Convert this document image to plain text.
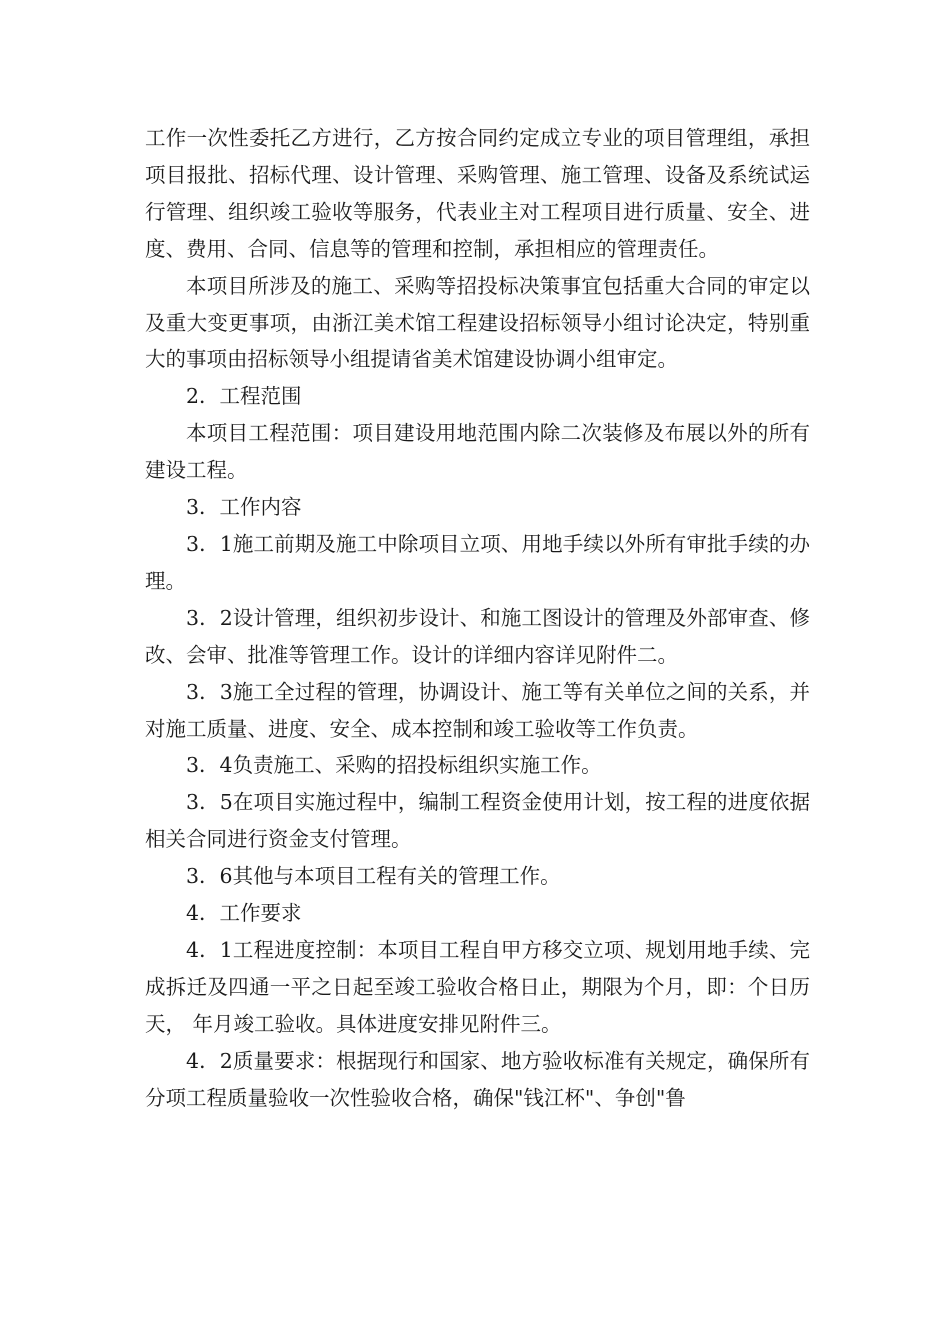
工作一次性委托乙方进行，乙方按合同约定成立专业的项目管理组，承担项目报批、招标代理、设计管理、采购管理、施工管理、设备及系统试运行管理、组织竣工验收等服务，代表业主对工程项目进行质量、安全、进度、费用、合同、信息等的管理和控制，承担相应的管理责任。

本项目所涉及的施工、采购等招投标决策事宜包括重大合同的审定以及重大变更事项，由浙江美术馆工程建设招标领导小组讨论决定，特别重大的事项由招标领导小组提请省美术馆建设协调小组审定。

2．工程范围

本项目工程范围：项目建设用地范围内除二次装修及布展以外的所有建设工程。

3．工作内容

3．1施工前期及施工中除项目立项、用地手续以外所有审批手续的办理。

3．2设计管理，组织初步设计、和施工图设计的管理及外部审查、修改、会审、批准等管理工作。设计的详细内容详见附件二。

3．3施工全过程的管理，协调设计、施工等有关单位之间的关系，并对施工质量、进度、安全、成本控制和竣工验收等工作负责。

3．4负责施工、采购的招投标组织实施工作。

3．5在项目实施过程中，编制工程资金使用计划，按工程的进度依据相关合同进行资金支付管理。

3．6其他与本项目工程有关的管理工作。

4．工作要求

4．1工程进度控制：本项目工程自甲方移交立项、规划用地手续、完成拆迁及四通一平之日起至竣工验收合格日止，期限为个月，即：个日历天， 年月竣工验收。具体进度安排见附件三。

4．2质量要求：根据现行和国家、地方验收标准有关规定，确保所有分项工程质量验收一次性验收合格，确保"钱江杯"、争创"鲁
